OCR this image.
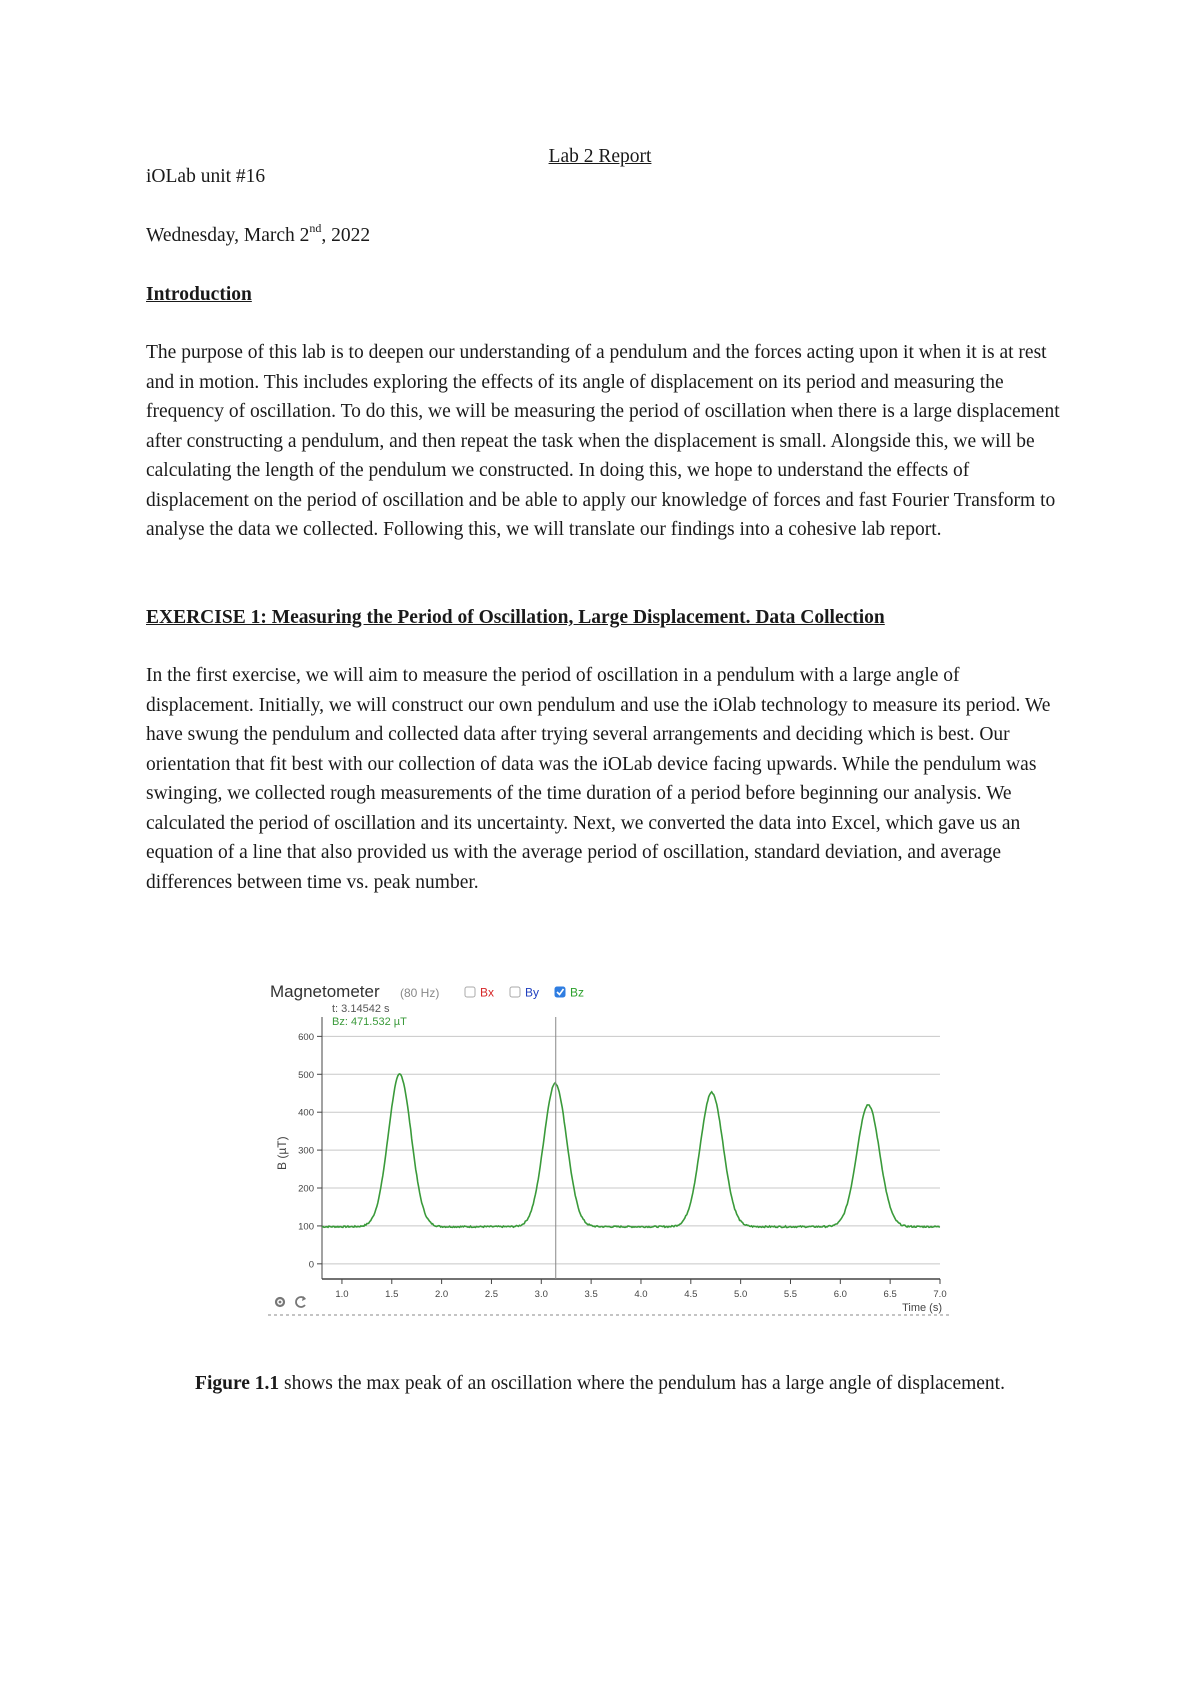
Lab 2 Report
iOLab unit #16
Wednesday, March 2nd, 2022
Introduction
The purpose of this lab is to deepen our understanding of a pendulum and the forces acting upon it when it is at rest and in motion. This includes exploring the effects of its angle of displacement on its period and measuring the frequency of oscillation. To do this, we will be measuring the period of oscillation when there is a large displacement after constructing a pendulum, and then repeat the task when the displacement is small. Alongside this, we will be calculating the length of the pendulum we constructed. In doing this, we hope to understand the effects of displacement on the period of oscillation and be able to apply our knowledge of forces and fast Fourier Transform to analyse the data we collected. Following this, we will translate our findings into a cohesive lab report.
EXERCISE 1: Measuring the Period of Oscillation, Large Displacement. Data Collection
In the first exercise, we will aim to measure the period of oscillation in a pendulum with a large angle of displacement. Initially, we will construct our own pendulum and use the iOlab technology to measure its period. We have swung the pendulum and collected data after trying several arrangements and deciding which is best. Our orientation that fit best with our collection of data was the iOLab device facing upwards. While the pendulum was swinging, we collected rough measurements of the time duration of a period before beginning our analysis. We calculated the period of oscillation and its uncertainty. Next, we converted the data into Excel, which gave us an equation of a line that also provided us with the average period of oscillation, standard deviation, and average differences between time vs. peak number.
Magnetometer (80 Hz)	Bx	By	Bz
0
100
200
300
400
500
600
1.0	1.5	2.0	2.5	3.0	3.5	4.0	4.5	5.0	5.5	6.0	6.5	7.0
B (µT)
Time (s)
t: 3.14542 s
Bz: 471.532 µT
Figure 1.1 shows the max peak of an oscillation where the pendulum has a large angle of displacement.
